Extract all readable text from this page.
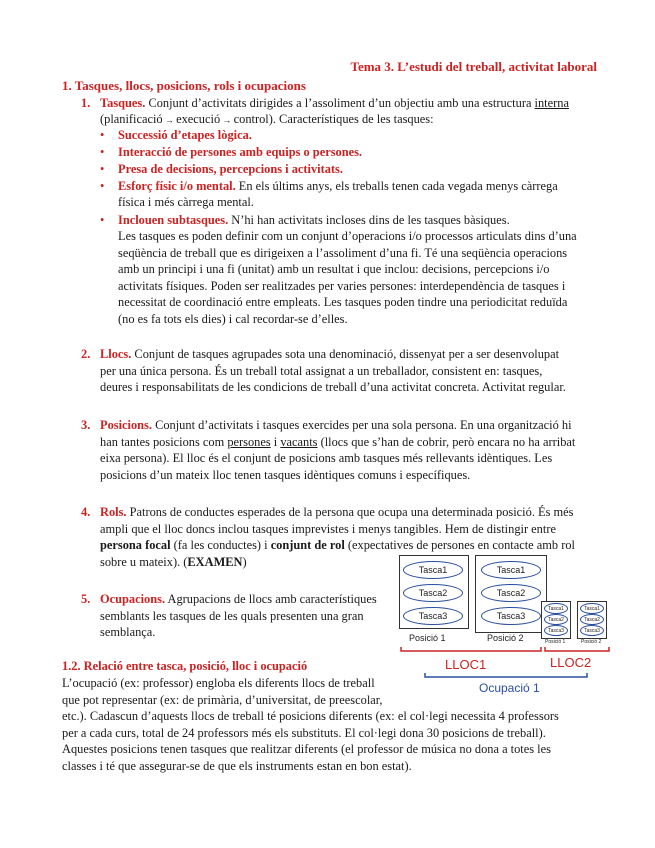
Tema 3. L’estudi del treball, activitat laboral
1. Tasques, llocs, posicions, rols i ocupacions
1. Tasques. Conjunt d’activitats dirigides a l’assoliment d’un objectiu amb una estructura interna
(planificació → execució → control). Característiques de les tasques:
• Successió d’etapes lògica.
• Interacció de persones amb equips o persones.
• Presa de decisions, percepcions i activitats.
• Esforç físic i/o mental. En els últims anys, els treballs tenen cada vegada menys càrrega
física i més càrrega mental.
• Inclouen subtasques. N’hi han activitats incloses dins de les tasques bàsiques.
Les tasques es poden definir com un conjunt d’operacions i/o processos articulats dins d’una
seqüència de treball que es dirigeixen a l’assoliment d’una fi. Té una seqüència operacions
amb un principi i una fi (unitat) amb un resultat i que inclou: decisions, percepcions i/o
activitats físiques. Poden ser realitzades per varies persones: interdependència de tasques i
necessitat de coordinació entre empleats. Les tasques poden tindre una periodicitat reduïda
(no es fa tots els dies) i cal recordar-se d’elles.
2. Llocs. Conjunt de tasques agrupades sota una denominació, dissenyat per a ser desenvolupat
per una única persona. És un treball total assignat a un treballador, consistent en: tasques,
deures i responsabilitats de les condicions de treball d’una activitat concreta. Activitat regular.
3. Posicions. Conjunt d’activitats i tasques exercides per una sola persona. En una organització hi
han tantes posicions com persones i vacants (llocs que s’han de cobrir, però encara no ha arribat
eixa persona). El lloc és el conjunt de posicions amb tasques més rellevants idèntiques. Les
posicions d’un mateix lloc tenen tasques idèntiques comuns i específiques.
4. Rols. Patrons de conductes esperades de la persona que ocupa una determinada posició. És més
ampli que el lloc doncs inclou tasques imprevistes i menys tangibles. Hem de distingir entre
persona focal (fa les conductes) i conjunt de rol (expectatives de persones en contacte amb rol
sobre u mateix). (EXAMEN)
5. Ocupacions. Agrupacions de llocs amb característiques
semblants les tasques de les quals presenten una gran
semblança.
1.2. Relació entre tasca, posició, lloc i ocupació
L’ocupació (ex: professor) engloba els diferents llocs de treball
que pot representar (ex: de primària, d’universitat, de preescolar,
etc.). Cadascun d’aquests llocs de treball té posicions diferents (ex: el col·legi necessita 4 professors
per a cada curs, total de 24 professors més els substituts. El col·legi dona 30 posicions de treball).
Aquestes posicions tenen tasques que realitzar diferents (el professor de música no dona a totes les
classes i té que assegurar-se de que els instruments estan en bon estat).
Tasca1
Tasca2
Tasca3
Posició 1
Tasca1
Tasca2
Tasca3
Posició 2
Tasca1
Tasca2
Tasca3
Posició 1
Tasca1
Tasca2
Tasca3
Posició 2
LLOC1	LLOC2
Ocupació 1
